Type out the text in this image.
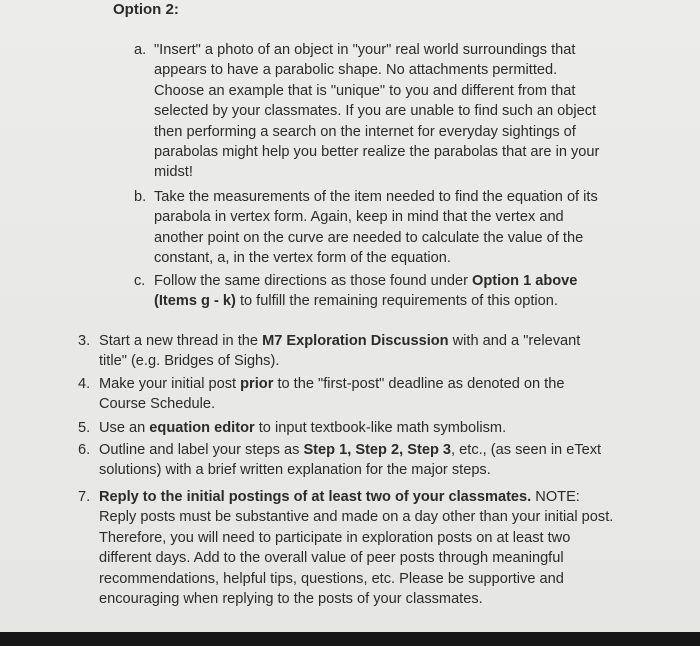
Option 2:
a. "Insert" a photo of an object in "your" real world surroundings that appears to have a parabolic shape. No attachments permitted. Choose an example that is "unique" to you and different from that selected by your classmates. If you are unable to find such an object then performing a search on the internet for everyday sightings of parabolas might help you better realize the parabolas that are in your midst!
b. Take the measurements of the item needed to find the equation of its parabola in vertex form. Again, keep in mind that the vertex and another point on the curve are needed to calculate the value of the constant, a, in the vertex form of the equation.
c. Follow the same directions as those found under Option 1 above (Items g - k) to fulfill the remaining requirements of this option.
3. Start a new thread in the M7 Exploration Discussion with and a "relevant title" (e.g. Bridges of Sighs).
4. Make your initial post prior to the "first-post" deadline as denoted on the Course Schedule.
5. Use an equation editor to input textbook-like math symbolism.
6. Outline and label your steps as Step 1, Step 2, Step 3, etc., (as seen in eText solutions) with a brief written explanation for the major steps.
7. Reply to the initial postings of at least two of your classmates. NOTE: Reply posts must be substantive and made on a day other than your initial post. Therefore, you will need to participate in exploration posts on at least two different days. Add to the overall value of peer posts through meaningful recommendations, helpful tips, questions, etc. Please be supportive and encouraging when replying to the posts of your classmates.
